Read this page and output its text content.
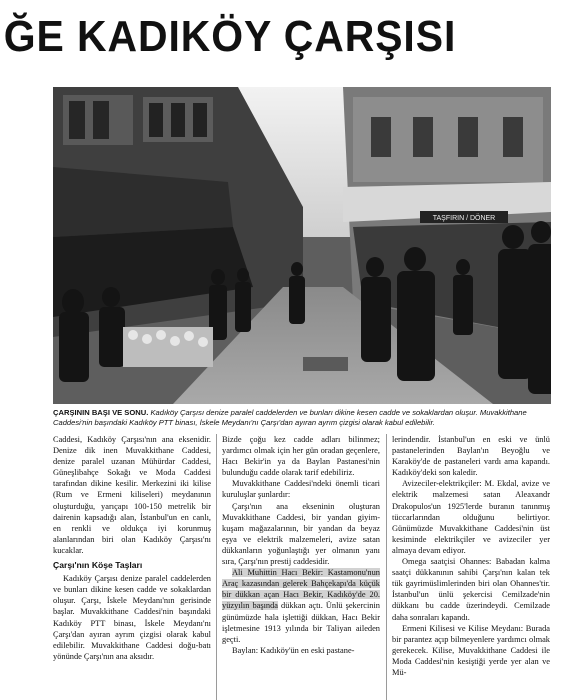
ĞE KADIKÖY ÇARŞISI
TAŞFIRIN / DÖNER
ÇARŞININ BAŞI VE SONU. Kadıköy Çarşısı denize paralel caddelerden ve bunları dikine kesen cadde ve sokaklardan oluşur. Muvakkithane Caddesi'nin başındaki Kadıköy PTT binası, İskele Meydanı'nı Çarşı'dan ayıran ayrım çizgisi olarak kabul edilebilir.

Caddesi, Kadıköy Çarşısı'nın ana eksenidir. Denize dik inen Muvakkithane Caddesi, denize paralel uzanan Mühürdar Caddesi, Güneşlibahçe Sokağı ve Moda Caddesi tarafından dikine kesilir. Merkezini iki kilise (Rum ve Ermeni kiliseleri) meydanının oluşturduğu, yarıçapı 100-150 metrelik bir dairenin kapsadığı alan, İstanbul'un en canlı, en renkli ve oldukça iyi korunmuş alanlarından biri olan Kadıköy Çarşısı'nı kucaklar.

Çarşı'nın Köşe Taşları

Kadıköy Çarşısı denize paralel caddelerden ve bunları dikine kesen cadde ve sokaklardan oluşur. Çarşı, İskele Meydanı'nın gerisinde başlar. Muvakkithane Caddesi'nin başındaki Kadıköy PTT binası, İskele Meydanı'nı Çarşı'dan ayıran ayrım çizgisi olarak kabul edilebilir. Muvakkithane Caddesi doğu-batı yönünde Çarşı'nın ana aksıdır.

Bizde çoğu kez cadde adları bilinmez; yardımcı olmak için her gün oradan geçenlere, Hacı Bekir'in ya da Baylan Pastanesi'nin bulunduğu cadde olarak tarif edebiliriz.

Muvakkithane Caddesi'ndeki önemli ticari kuruluşlar şunlardır:

Çarşı'nın ana ekseninin oluşturan Muvakkithane Caddesi, bir yandan giyim-kuşam mağazalarının, bir yandan da beyaz eşya ve elektrik malzemeleri, avize satan dükkanların yoğunlaştığı yer olmanın yanı sıra, Çarşı'nın prestij caddesidir.

Ali Muhittin Hacı Bekir: Kastamonu'nun Araç kazasından gelerek Bahçekapı'da küçük bir dükkan açan Hacı Bekir, Kadıköy'de 20. yüzyılın başında dükkan açtı. Ünlü şekercinin günümüzde hala işlettiği dükkan, Hacı Bekir işletmesine 1913 yılında bir Taliyan aileden geçti.

Baylan: Kadıköy'ün en eski pastane-

lerindendir. İstanbul'un en eski ve ünlü pastanelerinden Baylan'ın Beyoğlu ve Karaköy'de de pastaneleri vardı ama kapandı. Kadıköy'deki son kaledir.

Avizeciler-elektrikçiler: M. Ekdal, avize ve elektrik malzemesi satan Aleaxandr Drakopulos'un 1925'lerde buranın tanınmış tüccarlarından olduğunu belirtiyor. Günümüzde Muvakkithane Caddesi'nin üst kesiminde elektrikçiler ve avizeciler yer almaya devam ediyor.

Omega saatçisi Ohannes: Babadan kalma saatçi dükkanının sahibi Çarşı'nın kalan tek tük gayrimüslimlerinden biri olan Ohannes'tir. İstanbul'un ünlü şekercisi Cemilzade'nin dükkanı bu cadde üzerindeydi. Cemilzade daha sonraları kapandı.

Ermeni Kilisesi ve Kilise Meydanı: Burada bir parantez açıp bilmeyenlere yardımcı olmak gerekecek. Kilise, Muvakkithane Caddesi ile Moda Caddesi'nin kesiştiği yerde yer alan ve Mü-
